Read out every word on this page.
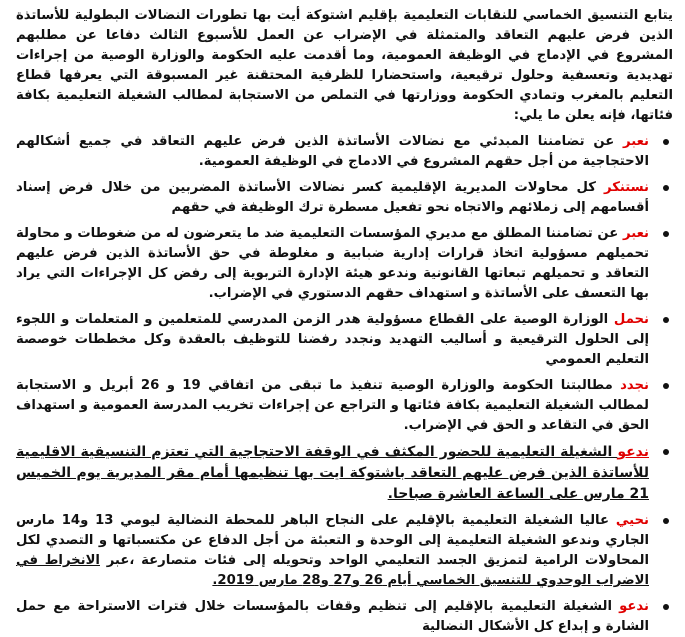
يتابع التنسيق الخماسي للنقابات التعليمية بإقليم اشتوكة أيت بها تطورات النضالات البطولية للأساتذة الذين فرض عليهم التعاقد والمتمثلة في الإضراب عن العمل للأسبوع الثالث دفاعا عن مطلبهم المشروع في الإدماج في الوظيفة العمومية، وما أقدمت عليه الحكومة والوزارة الوصية من إجراءات تهديدية وتعسفية وحلول ترقيعية، واستحضارا للظرفية المحتقنة غير المسبوقة التي يعرفها قطاع التعليم بالمغرب وتمادي الحكومة ووزارتها في التملص من الاستجابة لمطالب الشغيلة التعليمية بكافة فئاتها، فإنه يعلن ما يلي:

نعبر عن تضامننا المبدئي مع نضالات الأساتذة الذين فرض عليهم التعاقد في جميع أشكالهم الاحتجاجية من أجل حقهم المشروع في الادماج في الوظيفة العمومية.
نستنكر كل محاولات المديرية الإقليمية كسر نضالات الأساتذة المضربين من خلال فرض إسناد أقسامهم إلى زملائهم والاتجاه نحو تفعيل مسطرة ترك الوظيفة في حقهم
نعبر عن تضامننا المطلق مع مديري المؤسسات التعليمية ضد ما يتعرضون له من ضغوطات و محاولة تحميلهم مسؤولية اتخاذ قرارات إدارية ضبابية و مغلوطة في حق الأساتذة الذين فرض عليهم التعاقد و تحميلهم تبعاتها القانونية وندعو هيئة الإدارة التربوية إلى رفض كل الإجراءات التي يراد بها التعسف على الأساتذة و استهداف حقهم الدستوري في الإضراب.
نحمل الوزارة الوصية على القطاع مسؤولية هدر الزمن المدرسي للمتعلمين و المتعلمات و اللجوء إلى الحلول الترقيعية و أساليب التهديد ونجدد رفضنا للتوظيف بالعقدة وكل مخططات خوصصة التعليم العمومي
نجدد مطالبتنا الحكومة والوزارة الوصية تنفيذ ما تبقى من اتفاقي 19 و 26 أبريل و الاستجابة لمطالب الشغيلة التعليمية بكافة فئاتها و التراجع عن إجراءات تخريب المدرسة العمومية و استهداف الحق في التقاعد و الحق في الإضراب.
ندعو الشغيلة التعليمية للحضور المكثف في الوقفة الاحتجاجية التي تعتزم التنسيقية الاقليمية للأساتذة الذين فرض عليهم التعاقد باشتوكة ايت بها تنظيمها أمام مقر المديرية يوم الخميس 21 مارس على الساعة العاشرة صباحا.
نحيي عاليا الشغيلة التعليمية بالإقليم على النجاح الباهر للمحطة النضالية ليومي 13 و14 مارس الجاري وندعو الشغيلة التعليمية إلى الوحدة و التعبئة من أجل الدفاع عن مكتسباتها و التصدي لكل المحاولات الرامية لتمزيق الجسد التعليمي الواحد وتحويله إلى فئات متصارعة ،عبر الانخراط في الاضراب الوحدوي للتنسيق الخماسي أيام 26 و27 و28 مارس 2019.
ندعو الشغيلة التعليمية بالإقليم إلى تنظيم وقفات بالمؤسسات خلال فترات الاستراحة مع حمل الشارة و إبداع كل الأشكال النضالية
